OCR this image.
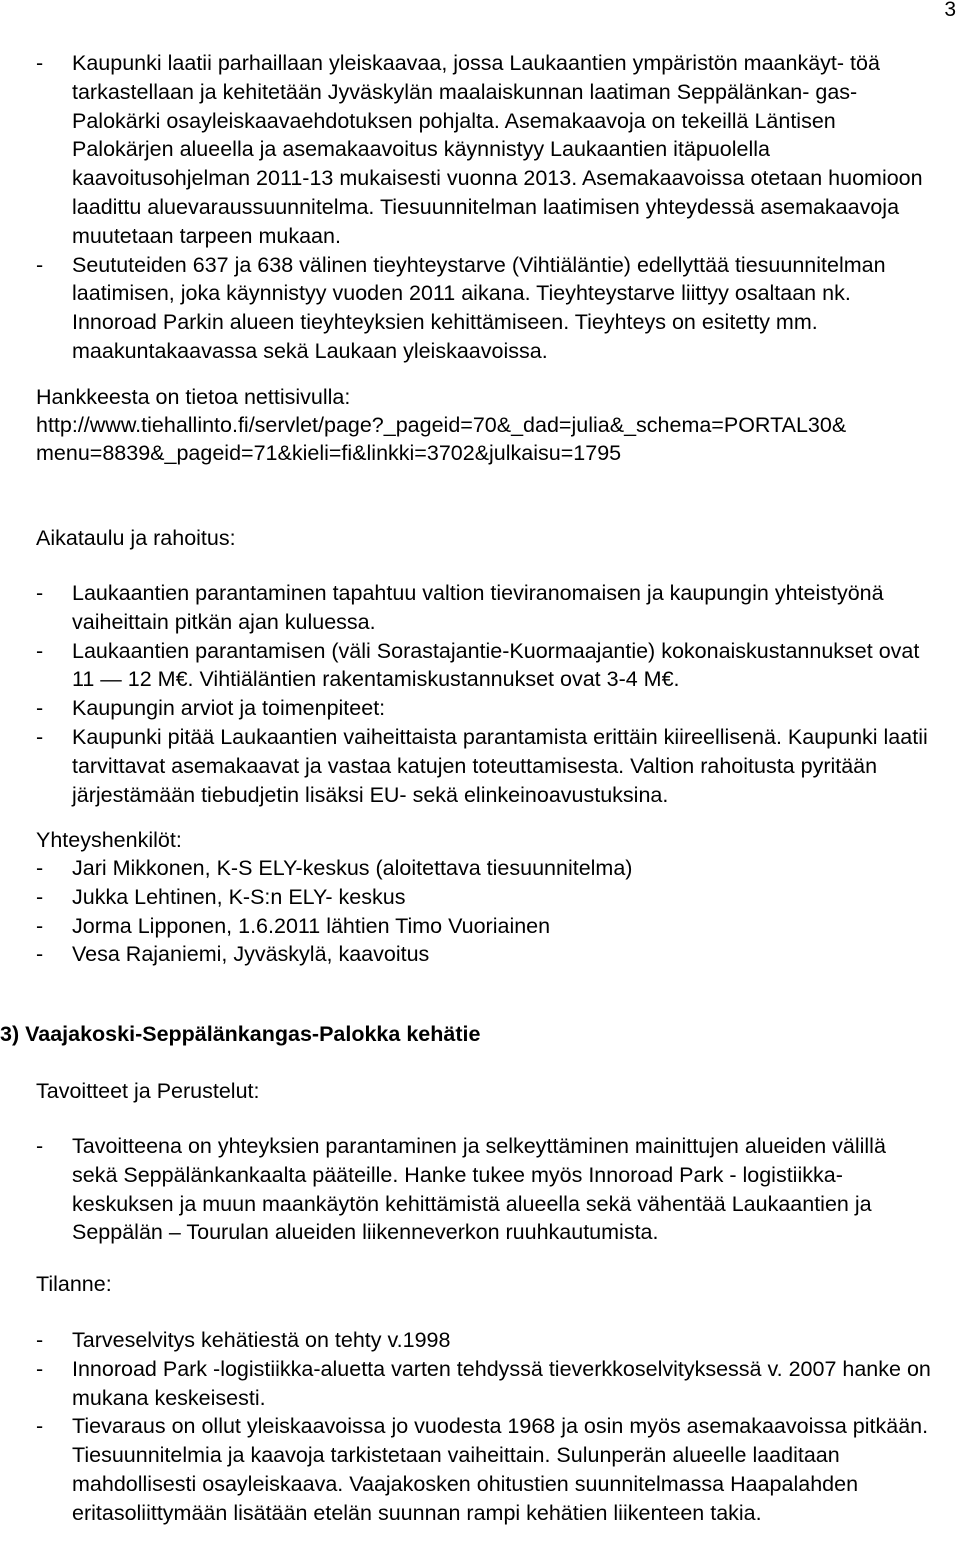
3
- Kaupunki laatii parhaillaan yleiskaavaa, jossa Laukaantien ympäristön maankäyt- töä tarkastellaan ja kehitetään Jyväskylän maalaiskunnan laatiman Seppälänkan- gas-Palokärki osayleiskaavaehdotuksen pohjalta. Asemakaavoja on tekeillä Läntisen Palokärjen alueella ja asemakaavoitus käynnistyy Laukaantien itäpuolella kaavoitusohjelman 2011-13 mukaisesti vuonna 2013. Asemakaavoissa otetaan huomioon laadittu aluevaraussuunnitelma. Tiesuunnitelman laatimisen yhteydessä asemakaavoja muutetaan tarpeen mukaan.
- Seututeiden 637 ja 638 välinen tieyhteystarve (Vihtiäläntie) edellyttää tiesuunnitelman laatimisen, joka käynnistyy vuoden 2011 aikana. Tieyhteystarve liittyy osaltaan nk. Innoroad Parkin alueen tieyhteyksien kehittämiseen. Tieyhteys on esitetty mm. maakuntakaavassa sekä Laukaan yleiskaavoissa.
Hankkeesta on tietoa nettisivulla:
http://www.tiehallinto.fi/servlet/page?_pageid=70&_dad=julia&_schema=PORTAL30&
menu=8839&_pageid=71&kieli=fi&linkki=3702&julkaisu=1795
Aikataulu ja rahoitus:
- Laukaantien parantaminen tapahtuu valtion tieviranomaisen ja kaupungin yhteistyönä vaiheittain pitkän ajan kuluessa.
- Laukaantien parantamisen (väli Sorastajantie-Kuormaajantie) kokonaiskustannukset ovat 11 — 12 M€. Vihtiäläntien rakentamiskustannukset ovat 3-4 M€.
- Kaupungin arviot ja toimenpiteet:
- Kaupunki pitää Laukaantien vaiheittaista parantamista erittäin kiireellisenä. Kaupunki laatii tarvittavat asemakaavat ja vastaa katujen toteuttamisesta. Valtion rahoitusta pyritään järjestämään tiebudjetin lisäksi EU- sekä elinkeinoavustuksina.
Yhteyshenkilöt:
- Jari Mikkonen, K-S ELY-keskus (aloitettava tiesuunnitelma)
- Jukka Lehtinen, K-S:n ELY- keskus
- Jorma Lipponen, 1.6.2011 lähtien Timo Vuoriainen
- Vesa Rajaniemi, Jyväskylä, kaavoitus
3) Vaajakoski-Seppälänkangas-Palokka kehätie
Tavoitteet ja Perustelut:
- Tavoitteena on yhteyksien parantaminen ja selkeyttäminen mainittujen alueiden välillä sekä Seppälänkankaalta pääteille. Hanke tukee myös Innoroad Park - logistiikka-keskuksen ja muun maankäytön kehittämistä alueella sekä vähentää Laukaantien ja Seppälän – Tourulan alueiden liikenneverkon ruuhkautumista.
Tilanne:
- Tarveselvitys kehätiestä on tehty v.1998
- Innoroad Park -logistiikka-aluetta varten tehdyssä tieverkkoselvityksessä v. 2007 hanke on mukana keskeisesti.
- Tievaraus on ollut yleiskaavoissa jo vuodesta 1968 ja osin myös asemakaavoissa pitkään. Tiesuunnitelmia ja kaavoja tarkistetaan vaiheittain. Sulunperän alueelle laaditaan mahdollisesti osayleiskaava. Vaajakosken ohitustien suunnitelmassa Haapalahden eritasoliittymään lisätään etelän suunnan rampi kehätien liikenteen takia.
